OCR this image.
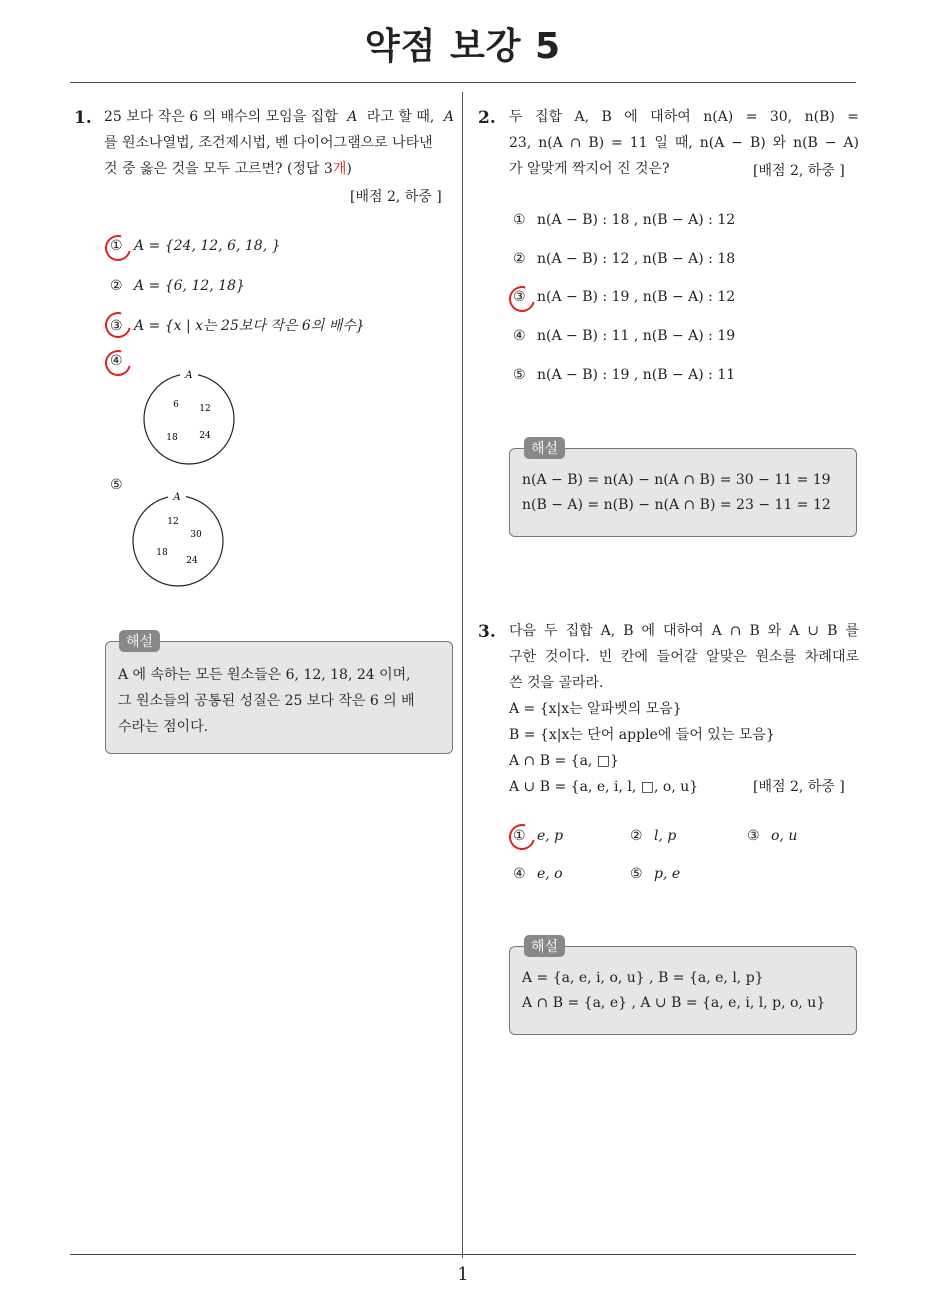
약점 보강 5
1
1. 25 보다 작은 6 의 배수의 모임을 집합 A 라고 할 때, A
를 원소나열법, 조건제시법, 벤 다이어그램으로 나타낸
것 중 옳은 것을 모두 고르면? (정답 3개)
[배점 2, 하중 ]
① A = {24, 12, 6, 18, }
② A = {6, 12, 18}
③ A = {x | x는 25보다 작은 6의 배수}
④
A
6 12
18 24
⑤
A
12
30
18
24
A 에 속하는 모든 원소들은 6, 12, 18, 24 이며,
그 원소들의 공통된 성질은 25 보다 작은 6 의 배
수라는 점이다.
해설
2. 두 집합 A, B 에 대하여 n(A) = 30, n(B) =
23, n(A ∩ B) = 11 일 때, n(A − B) 와 n(B − A)
가 알맞게 짝지어 진 것은?	[배점 2, 하중 ]
① n(A − B) : 18 , n(B − A) : 12
② n(A − B) : 12 , n(B − A) : 18
③ n(A − B) : 19 , n(B − A) : 12
④ n(A − B) : 11 , n(B − A) : 19
⑤ n(A − B) : 19 , n(B − A) : 11
n(A − B) = n(A) − n(A ∩ B) = 30 − 11 = 19
n(B − A) = n(B) − n(A ∩ B) = 23 − 11 = 12
해설
3. 다음 두 집합 A, B 에 대하여 A ∩ B 와 A ∪ B 를
구한 것이다. 빈 칸에 들어갈 알맞은 원소를 차례대로
쓴 것을 골라라.
A = {x|x는 알파벳의 모음}
B = {x|x는 단어 apple에 들어 있는 모음}
A ∩ B = {a, □}
A ∪ B = {a, e, i, l, □, o, u}	[배점 2, 하중 ]
① e, p	② l, p	③ o, u
④ e, o	⑤ p, e
A = {a, e, i, o, u} , B = {a, e, l, p}
A ∩ B = {a, e} , A ∪ B = {a, e, i, l, p, o, u}
해설
